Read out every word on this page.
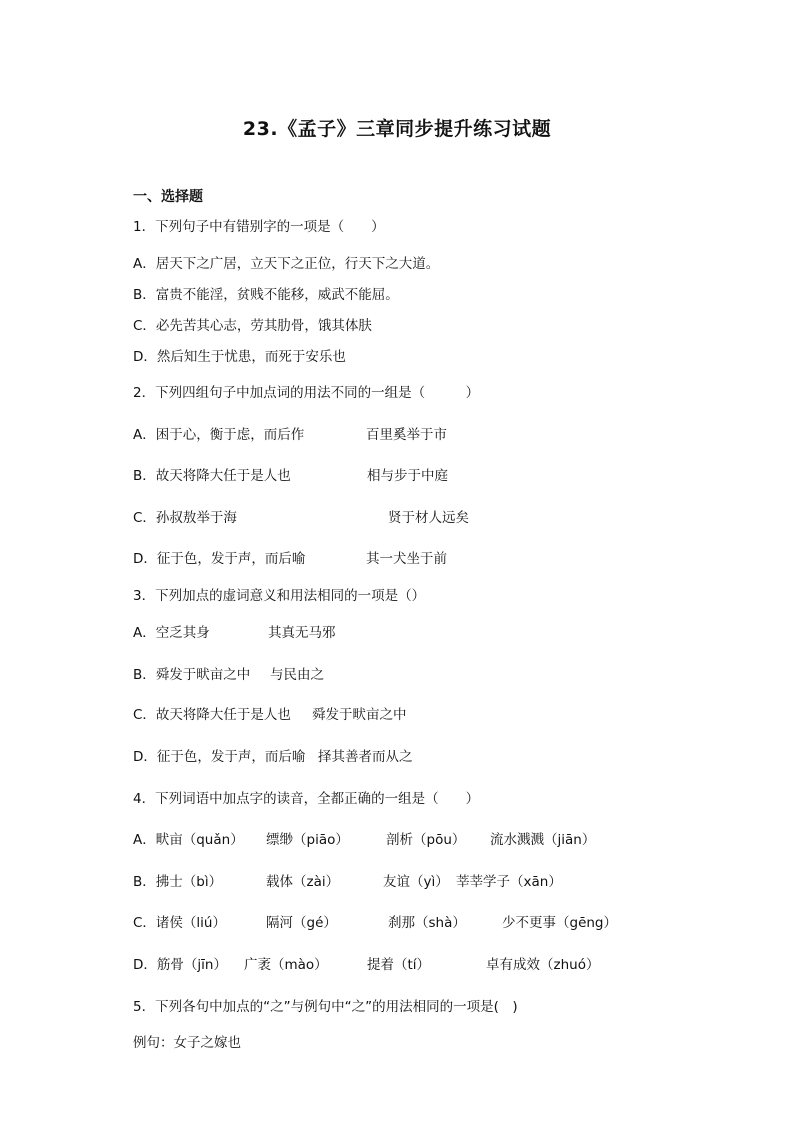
23.《孟子》三章同步提升练习试题
一、选择题
1．下列句子中有错别字的一项是（　　）
A．居天下之广居，立天下之正位，行天下之大道。
B．富贵不能淫，贫贱不能移，威武不能屈。
C．必先苦其心志，劳其肋骨，饿其体肤
D．然后知生于忧患，而死于安乐也
2．下列四组句子中加点词的用法不同的一组是（　　　）
A．困于心，衡于虑，而后作	百里奚举于市
B．故天将降大任于是人也	相与步于中庭
C．孙叔敖举于海	贤于材人远矣
D．征于色，发于声，而后喻	其一犬坐于前
3．下列加点的虚词意义和用法相同的一项是（）
A．空乏其身	其真无马邪
B．舜发于畎亩之中 与民由之
C．故天将降大任于是人也 舜发于畎亩之中
D．征于色，发于声，而后喻 择其善者而从之
4．下列词语中加点字的读音，全都正确的一组是（　　）
A．畎亩（quǎn） 缥缈（piāo）	剖析（pōu） 流水溅溅（jiān）
B．拂士（bì）	载体（zài）	友谊（yì） 莘莘学子（xān）
C．诸侯（liú）	隔河（gé）	刹那（shà）	少不更事（gēng）
D．筋骨（jīn） 广袤（mào）	提着（tí）	卓有成效（zhuó）
5．下列各句中加点的“之”与例句中“之”的用法相同的一项是(　)
例句：女子之嫁也
